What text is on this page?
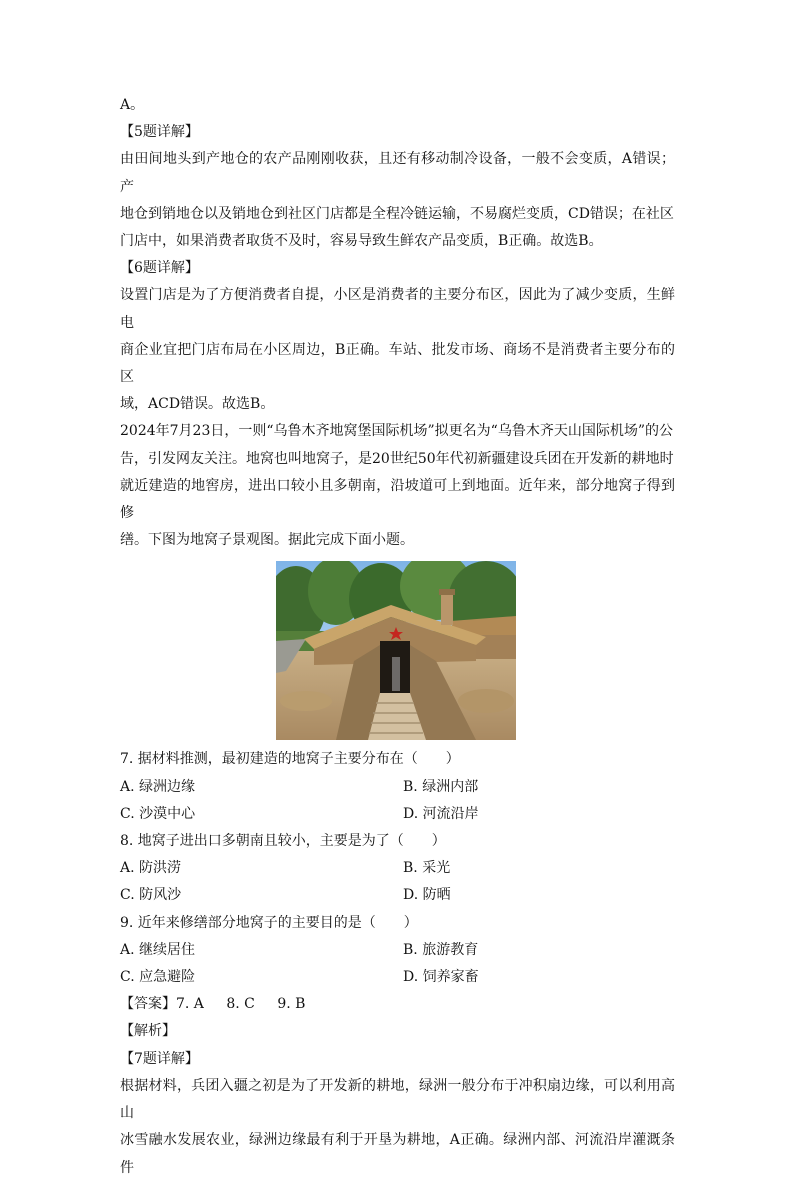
A。

【5题详解】

由田间地头到产地仓的农产品刚刚收获，且还有移动制冷设备，一般不会变质，A错误；产

地仓到销地仓以及销地仓到社区门店都是全程冷链运输，不易腐烂变质，CD错误；在社区

门店中，如果消费者取货不及时，容易导致生鲜农产品变质，B正确。故选B。

【6题详解】

设置门店是为了方便消费者自提，小区是消费者的主要分布区，因此为了减少变质，生鲜电

商企业宜把门店布局在小区周边，B正确。车站、批发市场、商场不是消费者主要分布的区

域，ACD错误。故选B。

2024年7月23日，一则“乌鲁木齐地窝堡国际机场”拟更名为“乌鲁木齐天山国际机场”的公

告，引发网友关注。地窝也叫地窝子，是20世纪50年代初新疆建设兵团在开发新的耕地时

就近建造的地窖房，进出口较小且多朝南，沿坡道可上到地面。近年来，部分地窝子得到修

缮。下图为地窝子景观图。据此完成下面小题。

7. 据材料推测，最初建造的地窝子主要分布在（　　）

A. 绿洲边缘	B. 绿洲内部
C. 沙漠中心	D. 河流沿岸

8. 地窝子进出口多朝南且较小，主要是为了（　　）

A. 防洪涝	B. 采光
C. 防风沙	D. 防晒

9. 近年来修缮部分地窝子的主要目的是（　　）

A. 继续居住	B. 旅游教育
C. 应急避险	D. 饲养家畜

【答案】7. A 8. C 9. B

【解析】

【7题详解】

根据材料，兵团入疆之初是为了开发新的耕地，绿洲一般分布于冲积扇边缘，可以利用高山

冰雪融水发展农业，绿洲边缘最有利于开垦为耕地，A正确。绿洲内部、河流沿岸灌溉条件
